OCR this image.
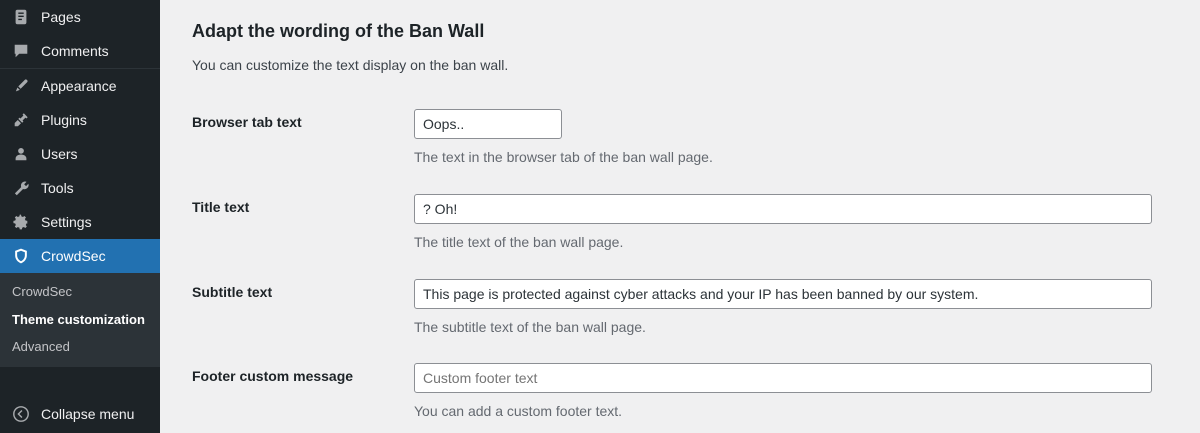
Pages
Comments
Appearance
Plugins
Users
Tools
Settings
CrowdSec
CrowdSec
Theme customization
Advanced
Collapse menu
Adapt the wording of the Ban Wall

You can customize the text display on the ban wall.

Browser tab text	
Oops..
The text in the browser tab of the ban wall page.

Title text	
? Oh!
The title text of the ban wall page.

Subtitle text	
This page is protected against cyber attacks and your IP has been banned by our system.
The subtitle text of the ban wall page.

Footer custom message	
Custom footer text
You can add a custom footer text.
